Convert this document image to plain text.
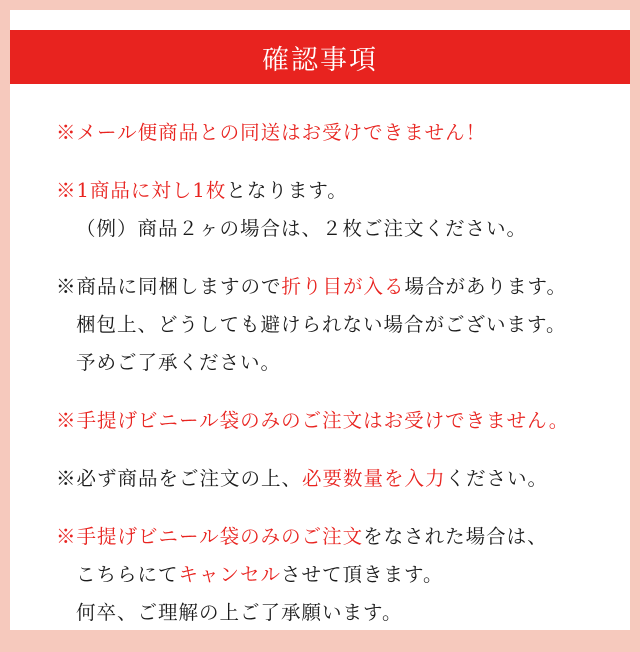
確認事項
※メール便商品との同送はお受けできません！
※1商品に対し1枚となります。
（例）商品２ヶの場合は、２枚ご注文ください。
※商品に同梱しますので折り目が入る場合があります。
梱包上、どうしても避けられない場合がございます。
予めご了承ください。
※手提げビニール袋のみのご注文はお受けできません。
※必ず商品をご注文の上、必要数量を入力ください。
※手提げビニール袋のみのご注文をなされた場合は、
こちらにてキャンセルさせて頂きます。
何卒、ご理解の上ご了承願います。
